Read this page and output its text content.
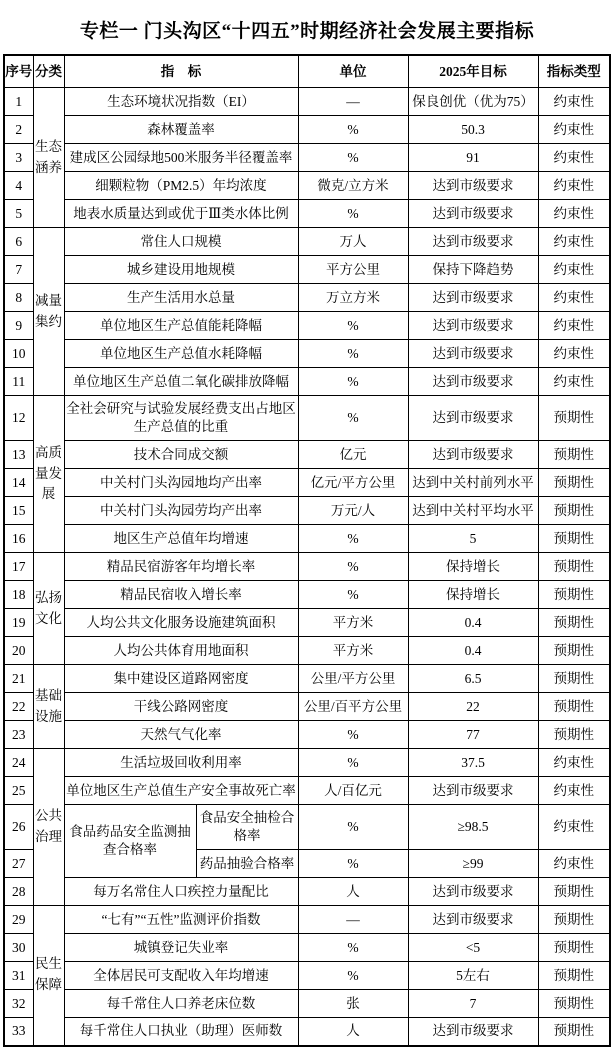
专栏一 门头沟区“十四五”时期经济社会发展主要指标
序号	分类	指　标		单位	2025年目标	指标类型
1	生态涵养	生态环境状况指数（EI）		—	保良创优（优为75）	约束性
2		森林覆盖率		%	50.3	约束性
3		建成区公园绿地500米服务半径覆盖率		%	91	约束性
4		细颗粒物（PM2.5）年均浓度		微克/立方米	达到市级要求	约束性
5		地表水质量达到或优于Ⅲ类水体比例		%	达到市级要求	约束性
6	减量集约	常住人口规模		万人	达到市级要求	约束性
7		城乡建设用地规模		平方公里	保持下降趋势	约束性
8		生产生活用水总量		万立方米	达到市级要求	约束性
9		单位地区生产总值能耗降幅		%	达到市级要求	约束性
10		单位地区生产总值水耗降幅		%	达到市级要求	约束性
11		单位地区生产总值二氧化碳排放降幅		%	达到市级要求	约束性
12	高质量发展	全社会研究与试验发展经费支出占地区生产总值的比重		%	达到市级要求	预期性
13		技术合同成交额		亿元	达到市级要求	预期性
14		中关村门头沟园地均产出率		亿元/平方公里	达到中关村前列水平	预期性
15		中关村门头沟园劳均产出率		万元/人	达到中关村平均水平	预期性
16		地区生产总值年均增速		%	5	预期性
17	弘扬文化	精品民宿游客年均增长率		%	保持增长	预期性
18		精品民宿收入增长率		%	保持增长	预期性
19		人均公共文化服务设施建筑面积		平方米	0.4	预期性
20		人均公共体育用地面积		平方米	0.4	预期性
21	基础设施	集中建设区道路网密度		公里/平方公里	6.5	预期性
22		干线公路网密度		公里/百平方公里	22	预期性
23		天然气气化率		%	77	预期性
24	公共治理	生活垃圾回收利用率		%	37.5	约束性
25		单位地区生产总值生产安全事故死亡率		人/百亿元	达到市级要求	约束性
26		食品药品安全监测抽查合格率	食品安全抽检合格率	%	≥98.5	约束性
27			药品抽验合格率	%	≥99	约束性
28		每万名常住人口疾控力量配比		人	达到市级要求	预期性
29	民生保障	“七有”“五性”监测评价指数		—	达到市级要求	预期性
30		城镇登记失业率		%	<5	预期性
31		全体居民可支配收入年均增速		%	5左右	预期性
32		每千常住人口养老床位数		张	7	预期性
33		每千常住人口执业（助理）医师数		人	达到市级要求	预期性
